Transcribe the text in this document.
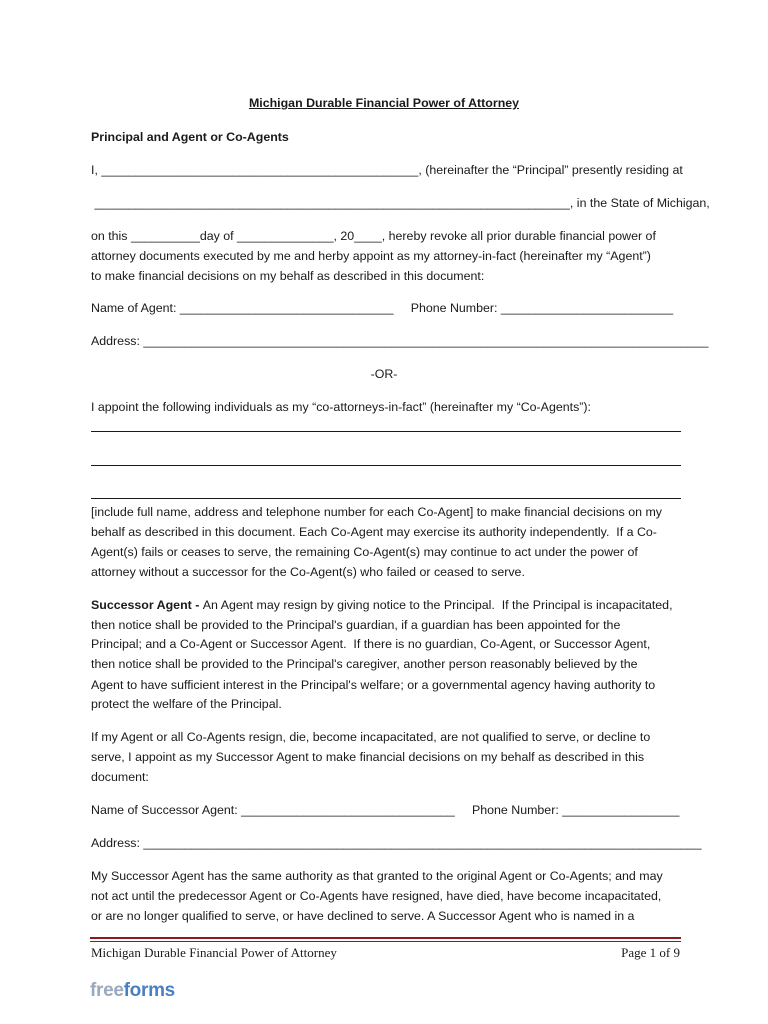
Michigan Durable Financial Power of Attorney
Principal and Agent or Co-Agents
I, ______________________________________________, (hereinafter the “Principal” presently residing at
_____________________________________________________________________, in the State of Michigan,
on this __________day of ______________, 20____, hereby revoke all prior durable financial power of
attorney documents executed by me and herby appoint as my attorney-in-fact (hereinafter my “Agent”)
to make financial decisions on my behalf as described in this document:
Name of Agent: _______________________________     Phone Number: _________________________
Address: __________________________________________________________________________________
-OR-
I appoint the following individuals as my “co-attorneys-in-fact” (hereinafter my “Co-Agents”):
[include full name, address and telephone number for each Co-Agent] to make financial decisions on my
behalf as described in this document. Each Co-Agent may exercise its authority independently.  If a Co-
Agent(s) fails or ceases to serve, the remaining Co-Agent(s) may continue to act under the power of
attorney without a successor for the Co-Agent(s) who failed or ceased to serve.
Successor Agent - An Agent may resign by giving notice to the Principal.  If the Principal is incapacitated,
then notice shall be provided to the Principal's guardian, if a guardian has been appointed for the
Principal; and a Co-Agent or Successor Agent.  If there is no guardian, Co-Agent, or Successor Agent,
then notice shall be provided to the Principal's caregiver, another person reasonably believed by the
Agent to have sufficient interest in the Principal's welfare; or a governmental agency having authority to
protect the welfare of the Principal.
If my Agent or all Co-Agents resign, die, become incapacitated, are not qualified to serve, or decline to
serve, I appoint as my Successor Agent to make financial decisions on my behalf as described in this
document:
Name of Successor Agent: _______________________________     Phone Number: _________________
Address: _________________________________________________________________________________
My Successor Agent has the same authority as that granted to the original Agent or Co-Agents; and may
not act until the predecessor Agent or Co-Agents have resigned, have died, have become incapacitated,
or are no longer qualified to serve, or have declined to serve. A Successor Agent who is named in a
Michigan Durable Financial Power of Attorney	Page 1 of 9
freeforms
